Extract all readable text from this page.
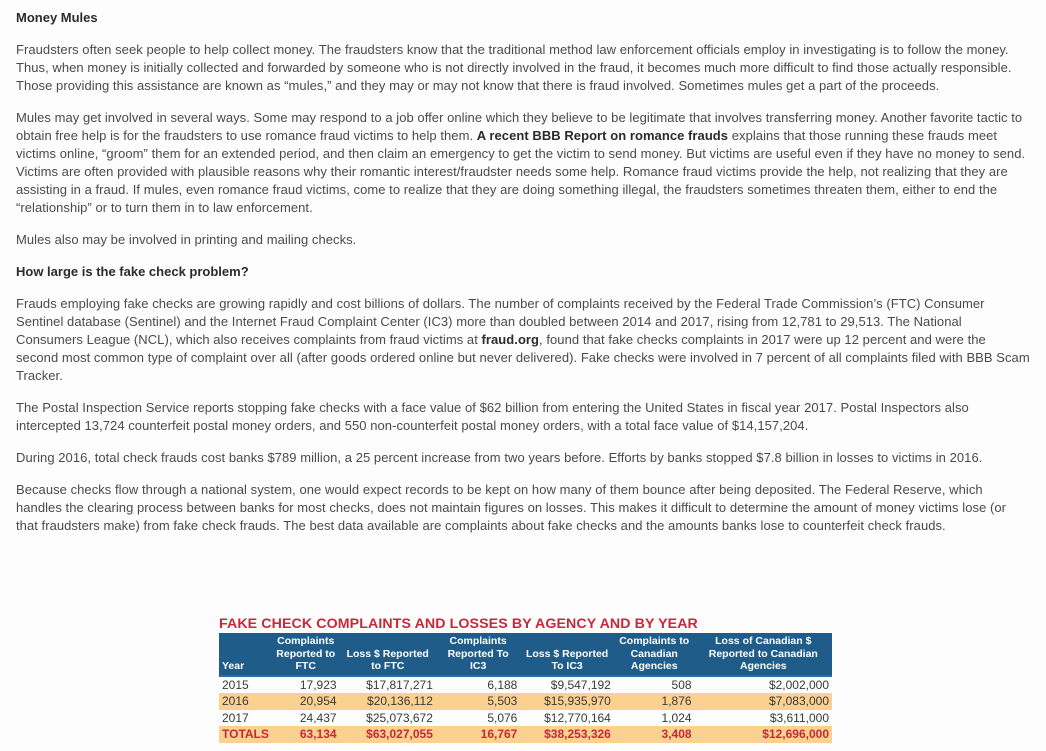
Money Mules

Fraudsters often seek people to help collect money. The fraudsters know that the traditional method law enforcement officials employ in investigating is to follow the money. Thus, when money is initially collected and forwarded by someone who is not directly involved in the fraud, it becomes much more difficult to find those actually responsible. Those providing this assistance are known as “mules,” and they may or may not know that there is fraud involved. Sometimes mules get a part of the proceeds.

Mules may get involved in several ways. Some may respond to a job offer online which they believe to be legitimate that involves transferring money. Another favorite tactic to obtain free help is for the fraudsters to use romance fraud victims to help them. A recent BBB Report on romance frauds explains that those running these frauds meet victims online, “groom” them for an extended period, and then claim an emergency to get the victim to send money. But victims are useful even if they have no money to send. Victims are often provided with plausible reasons why their romantic interest/fraudster needs some help. Romance fraud victims provide the help, not realizing that they are assisting in a fraud. If mules, even romance fraud victims, come to realize that they are doing something illegal, the fraudsters sometimes threaten them, either to end the “relationship” or to turn them in to law enforcement.

Mules also may be involved in printing and mailing checks.

How large is the fake check problem?

Frauds employing fake checks are growing rapidly and cost billions of dollars. The number of complaints received by the Federal Trade Commission’s (FTC) Consumer Sentinel database (Sentinel) and the Internet Fraud Complaint Center (IC3) more than doubled between 2014 and 2017, rising from 12,781 to 29,513. The National Consumers League (NCL), which also receives complaints from fraud victims at fraud.org, found that fake checks complaints in 2017 were up 12 percent and were the second most common type of complaint over all (after goods ordered online but never delivered). Fake checks were involved in 7 percent of all complaints filed with BBB Scam Tracker.

The Postal Inspection Service reports stopping fake checks with a face value of $62 billion from entering the United States in fiscal year 2017. Postal Inspectors also intercepted 13,724 counterfeit postal money orders, and 550 non-counterfeit postal money orders, with a total face value of $14,157,204.

During 2016, total check frauds cost banks $789 million, a 25 percent increase from two years before. Efforts by banks stopped $7.8 billion in losses to victims in 2016.

Because checks flow through a national system, one would expect records to be kept on how many of them bounce after being deposited. The Federal Reserve, which handles the clearing process between banks for most checks, does not maintain figures on losses. This makes it difficult to determine the amount of money victims lose (or that fraudsters make) from fake check frauds. The best data available are complaints about fake checks and the amounts banks lose to counterfeit check frauds.

FAKE CHECK COMPLAINTS AND LOSSES BY AGENCY AND BY YEAR
Year	Complaints Reported to FTC	Loss $ Reported to FTC	Complaints Reported To IC3	Loss $ Reported To IC3	Complaints to Canadian Agencies	Loss of Canadian $ Reported to Canadian Agencies
2015	17,923	$17,817,271	6,188	$9,547,192	508	$2,002,000
2016	20,954	$20,136,112	5,503	$15,935,970	1,876	$7,083,000
2017	24,437	$25,073,672	5,076	$12,770,164	1,024	$3,611,000
TOTALS	63,134	$63,027,055	16,767	$38,253,326	3,408	$12,696,000
